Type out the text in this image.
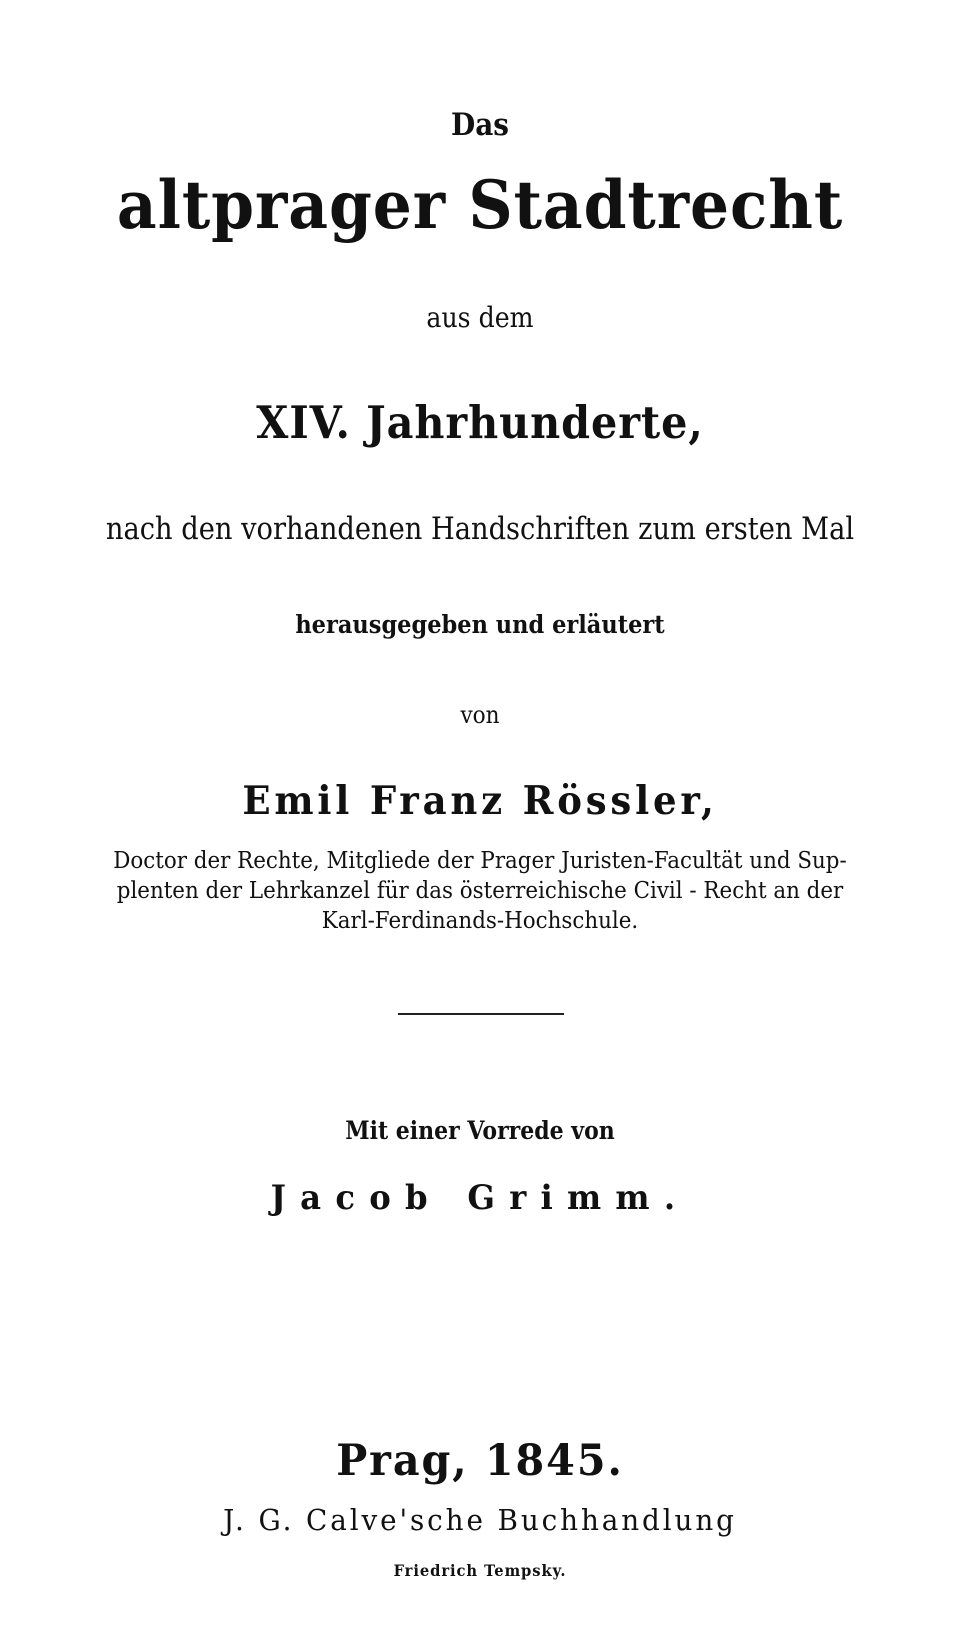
Das
altprager Stadtrecht
aus dem
XIV. Jahrhunderte,
nach den vorhandenen Handschriften zum ersten Mal
herausgegeben und erläutert
von
Emil Franz Rössler,
Doctor der Rechte, Mitgliede der Prager Juristen-Facultät und Sup-
plenten der Lehrkanzel für das österreichische Civil - Recht an der
Karl-Ferdinands-Hochschule.
Mit einer Vorrede von
Jacob Grimm.
Prag, 1845.
J. G. Calve'sche Buchhandlung
Friedrich Tempsky.
